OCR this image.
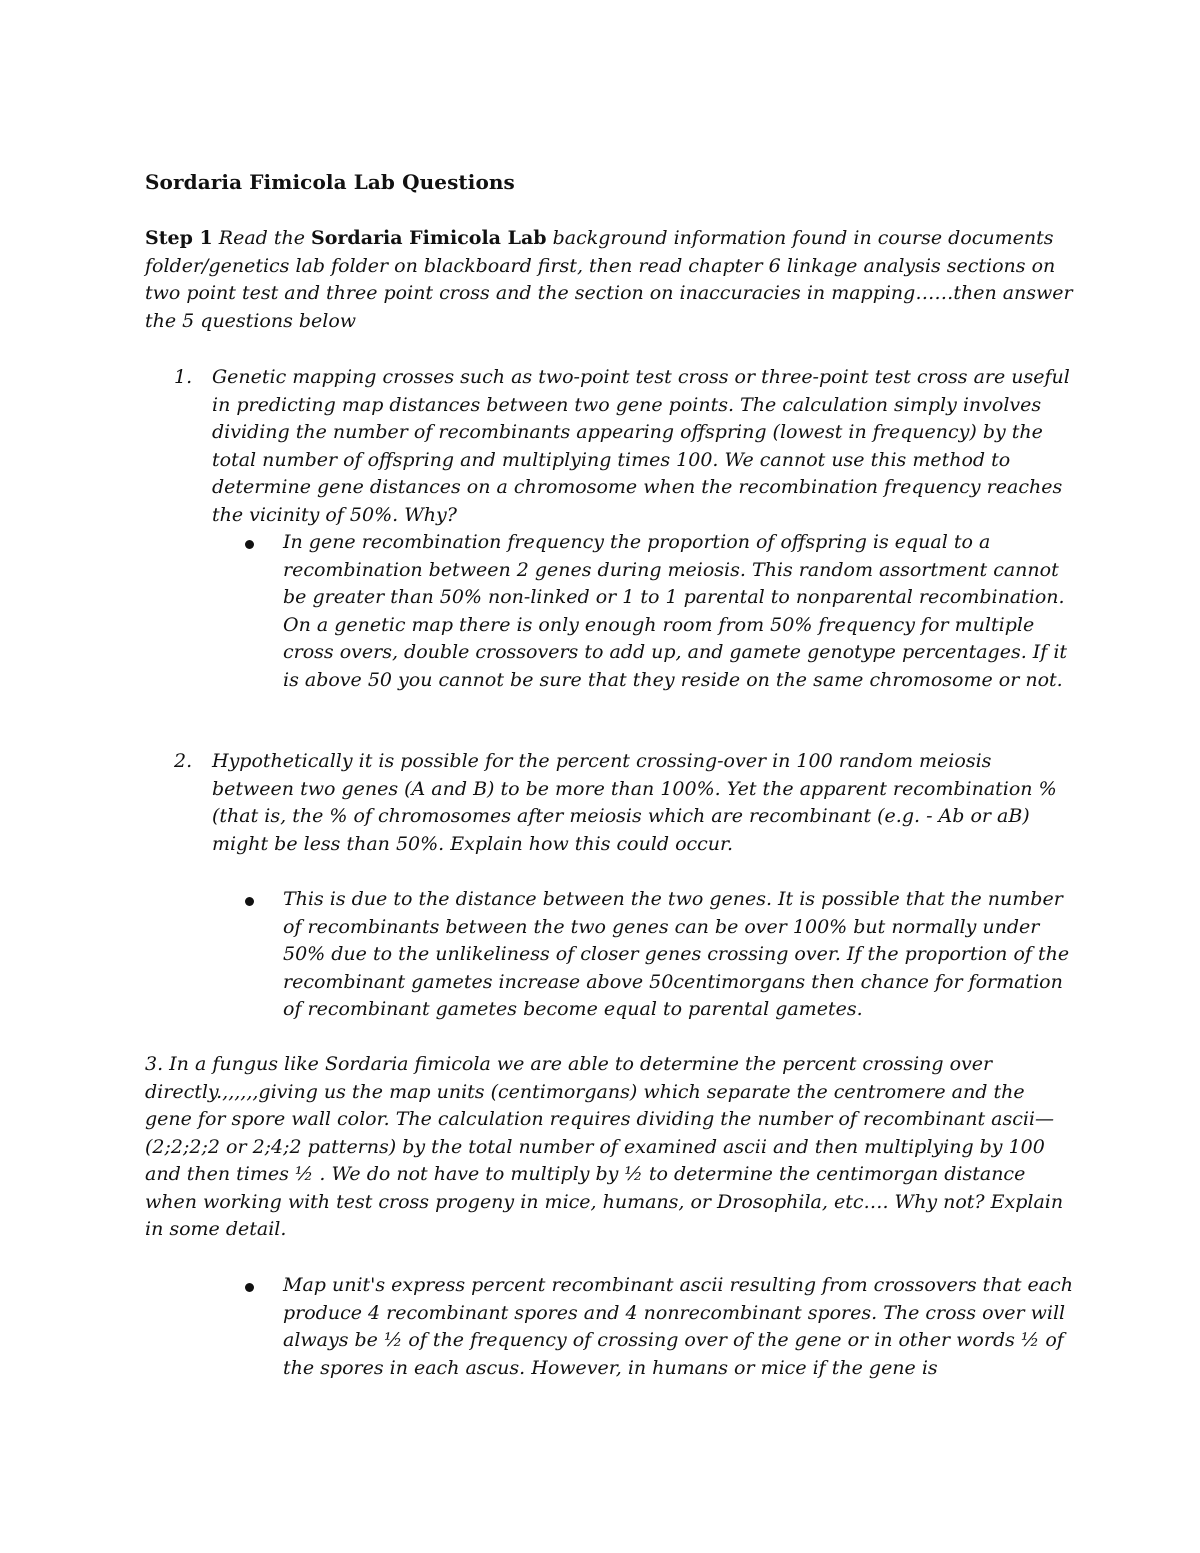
Sordaria Fimicola Lab Questions
Step 1 Read the Sordaria Fimicola Lab background information found in course documents folder/genetics lab folder on blackboard first, then read chapter 6 linkage analysis sections on two point test and three point cross and the section on inaccuracies in mapping……then answer the 5 questions below
1. Genetic mapping crosses such as two-point test cross or three-point test cross are useful in predicting map distances between two gene points. The calculation simply involves dividing the number of recombinants appearing offspring (lowest in frequency) by the total number of offspring and multiplying times 100. We cannot use this method to determine gene distances on a chromosome when the recombination frequency reaches the vicinity of 50%. Why?
In gene recombination frequency the proportion of offspring is equal to a recombination between 2 genes during meiosis. This random assortment cannot be greater than 50% non-linked or 1 to 1 parental to nonparental recombination. On a genetic map there is only enough room from 50% frequency for multiple cross overs, double crossovers to add up, and gamete genotype percentages. If it is above 50 you cannot be sure that they reside on the same chromosome or not.
2. Hypothetically it is possible for the percent crossing-over in 100 random meiosis between two genes (A and B) to be more than 100%. Yet the apparent recombination % (that is, the % of chromosomes after meiosis which are recombinant (e.g. - Ab or aB) might be less than 50%. Explain how this could occur.
This is due to the distance between the two genes. It is possible that the number of recombinants between the two genes can be over 100% but normally under 50% due to the unlikeliness of closer genes crossing over. If the proportion of the recombinant gametes increase above 50centimorgans then chance for formation of recombinant gametes become equal to parental gametes.
3. In a fungus like Sordaria fimicola we are able to determine the percent crossing over directly.,,,,,,giving us the map units (centimorgans) which separate the centromere and the gene for spore wall color. The calculation requires dividing the number of recombinant ascii—(2;2;2;2 or 2;4;2 patterns) by the total number of examined ascii and then multiplying by 100 and then times ½ . We do not have to multiply by ½ to determine the centimorgan distance when working with test cross progeny in mice, humans, or Drosophila, etc…. Why not? Explain in some detail.
Map unit's express percent recombinant ascii resulting from crossovers that each produce 4 recombinant spores and 4 nonrecombinant spores. The cross over will always be ½ of the frequency of crossing over of the gene or in other words ½ of the spores in each ascus. However, in humans or mice if the gene is
